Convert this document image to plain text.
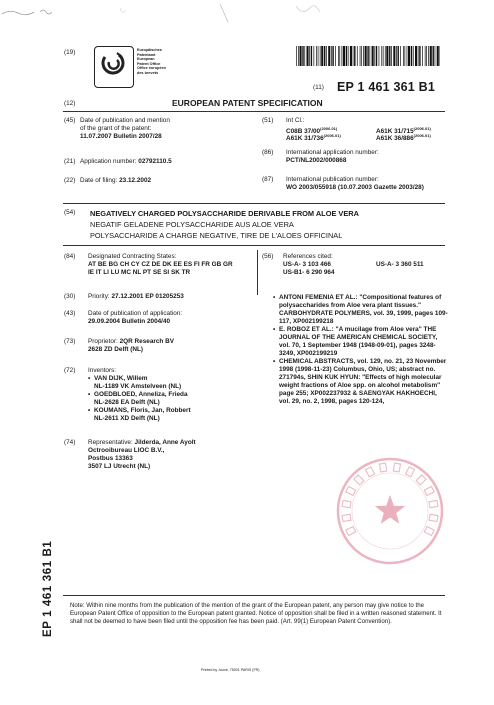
(19)	Europäisches
Patentamt
European
Patent Office
Office européen
des brevets
(11) EP 1 461 361 B1
(12)	EUROPEAN PATENT SPECIFICATION
(45) Date of publication and mention
of the grant of the patent:
11.07.2007 Bulletin 2007/28
(21) Application number: 02792110.5
(22) Date of filing: 23.12.2002
(51) Int Cl.:
C08B $37/00^{(2006.01)}$	A61K $31/715^{(2006.01)}$
A61K $31/736^{(2006.01)}$	A61K $36/886^{(2006.01)}$
(86) International application number:
PCT/NL2002/000868
(87) International publication number:
WO 2003/055918 (10.07.2003 Gazette 2003/28)
(54) NEGATIVELY CHARGED POLYSACCHARIDE DERIVABLE FROM ALOE VERA
NEGATIF GELADENE POLYSACCHARIDE AUS ALOE VERA
POLYSACCHARIDE A CHARGE NEGATIVE, TIRE DE L'ALOES OFFICINAL
(84) Designated Contracting States:
AT BE BG CH CY CZ DE DK EE ES FI FR GB GR
IE IT LI LU MC NL PT SE SI SK TR
(30) Priority: 27.12.2001 EP 01205253
(43) Date of publication of application:
29.09.2004 Bulletin 2004/40
(73) Proprietor: 2QR Research BV
2628 ZD Delft (NL)
(72) Inventors:
• VAN DIJK, Willem
NL-1189 VK Amstelveen (NL)
• GOEDBLOED, Anneliza, Frieda
NL-2628 EA Delft (NL)
• KOUMANS, Floris, Jan, Robbert
NL-2611 XD Delft (NL)
(74) Representative: Jilderda, Anne Ayolt
Octrooibureau LIOC B.V.,
Postbus 13363
3507 LJ Utrecht (NL)
(56) References cited:
US-A- 3 103 466	US-A- 3 360 511
US-B1- 6 290 964
• ANTONI FEMENIA ET AL.: "Compositional features of polysaccharides from Aloe vera plant tissues." CARBOHYDRATE POLYMERS, vol. 39, 1999, pages 109-117, XP002199218
• E. ROBOZ ET AL.: "A mucilage from Aloe vera" THE JOURNAL OF THE AMERICAN CHEMICAL SOCIETY, vol. 70, 1 September 1948 (1948-09-01), pages 3248-3249, XP002199219
• CHEMICAL ABSTRACTS, vol. 129, no. 21, 23 November 1998 (1998-11-23) Columbus, Ohio, US; abstract no. 271794s, SHIN KUK HYUN: "Effects of high molecular weight fractions of Aloe spp. on alcohol metabolism" page 255; XP002237932 & SAENGYAK HAKHOECHI, vol. 29, no. 2, 1998, pages 120-124,
EP 1 461 361 B1	Note: Within nine months from the publication of the mention of the grant of the European patent, any person may give notice to the European Patent Office of opposition to the European patent granted. Notice of opposition shall be filed in a written reasoned statement. It shall not be deemed to have been filed until the opposition fee has been paid. (Art. 99(1) European Patent Convention).
Printed by Jouve, 75001 PARIS (FR)
